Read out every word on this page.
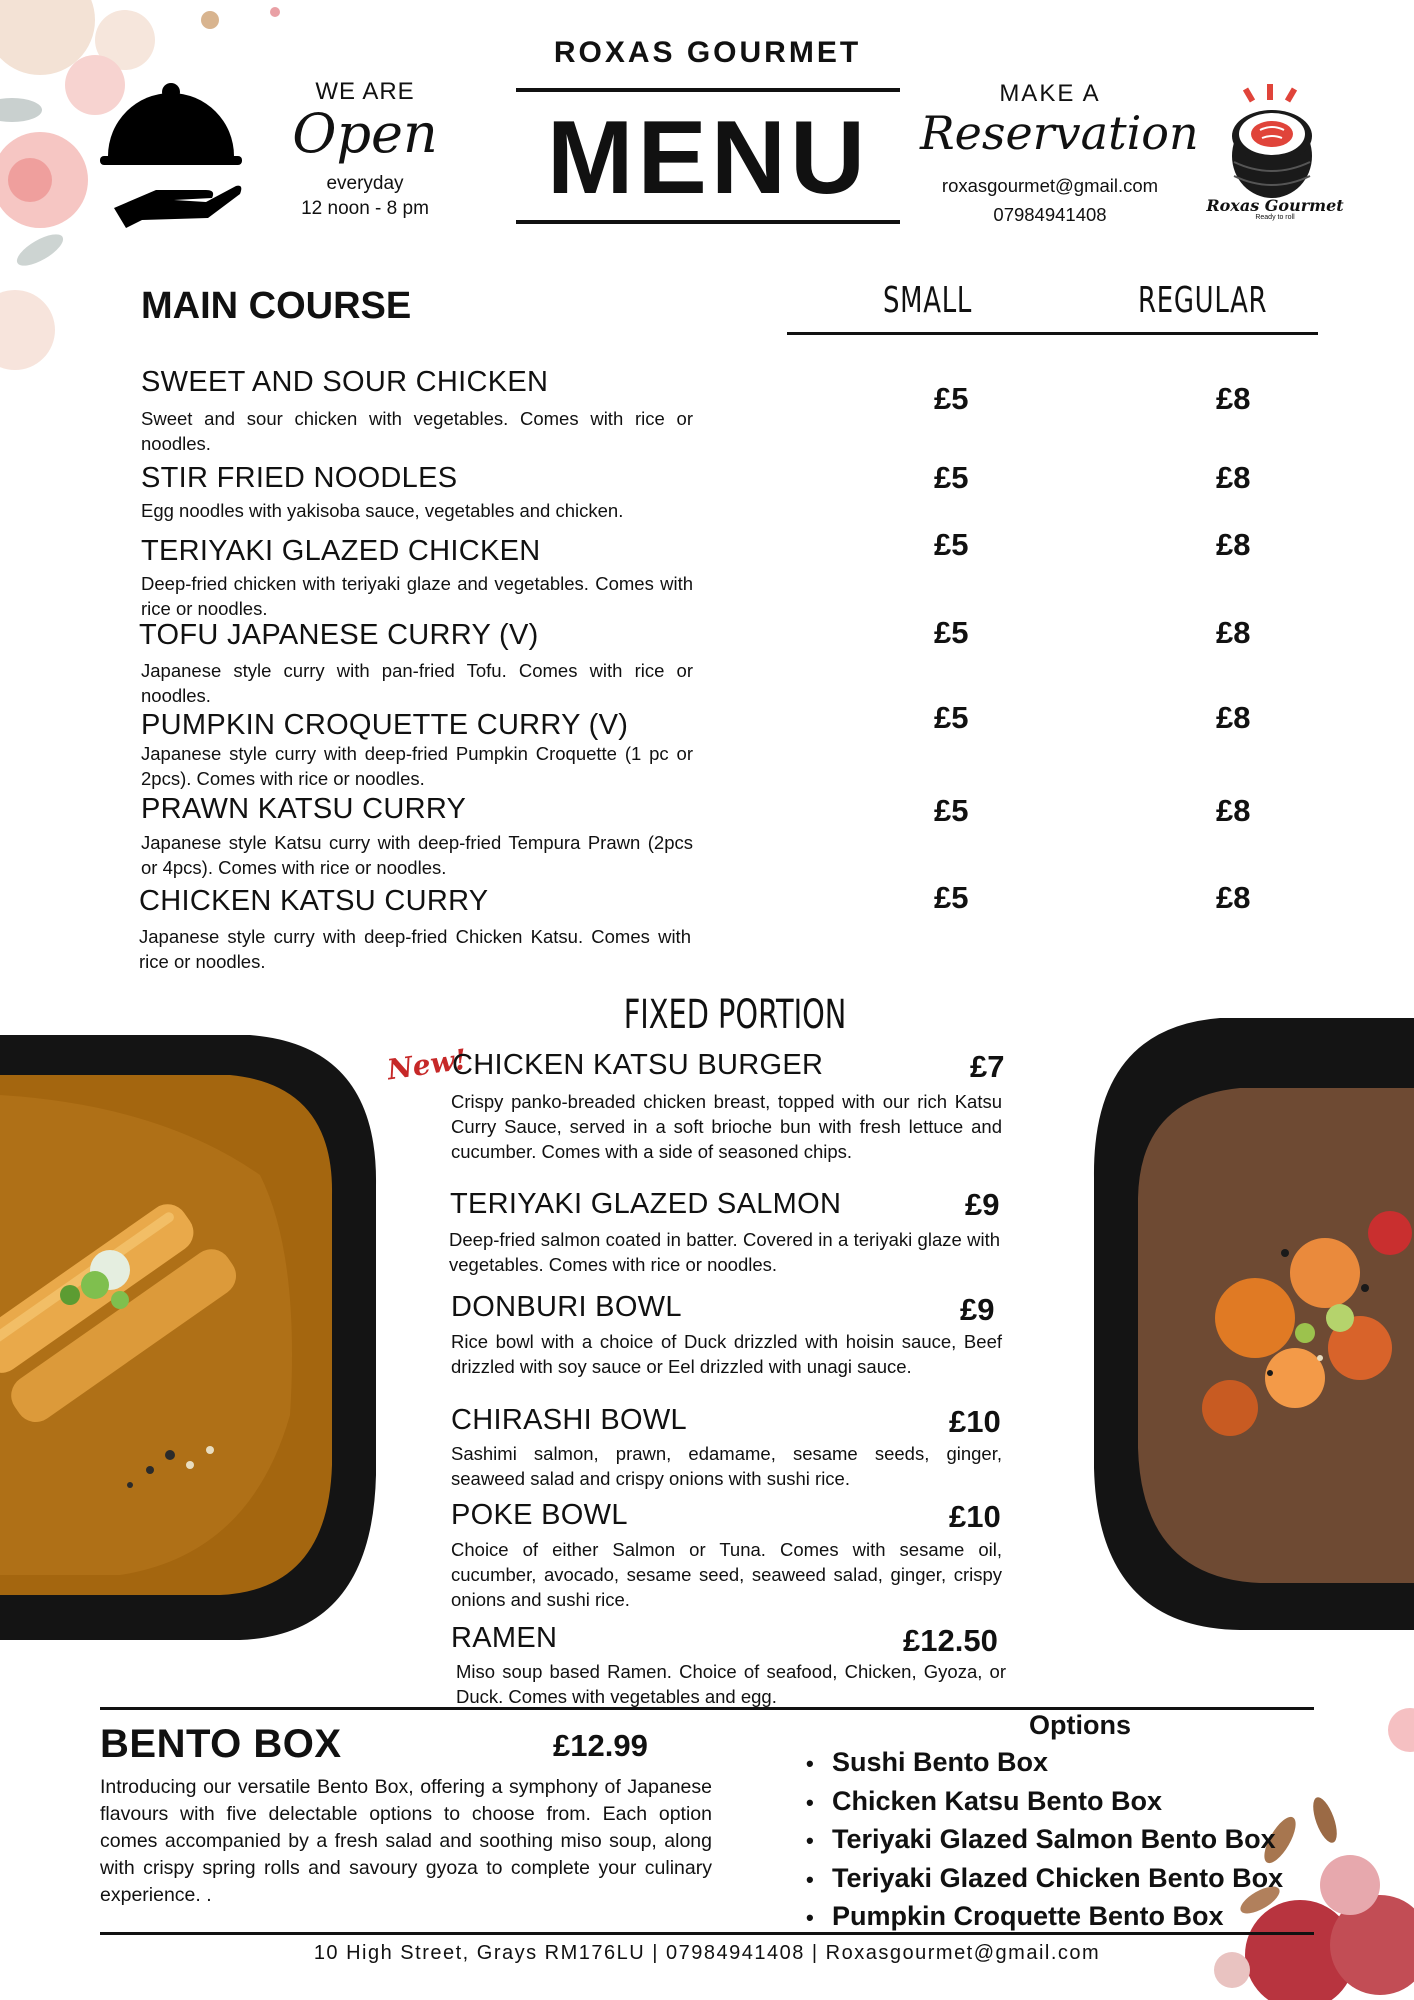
WE ARE
Open
everyday
12 noon - 8 pm
ROXAS GOURMET
MENU
MAKE A
Reservation
roxasgourmet@gmail.com
07984941408	Roxas Gourmet
Ready to roll
MAIN COURSE	SMALL	REGULAR
SWEET AND SOUR CHICKEN
Sweet and sour chicken with vegetables. Comes with rice or noodles.
£5	£8
STIR FRIED NOODLES
Egg noodles with yakisoba sauce, vegetables and chicken.
£5	£8
TERIYAKI GLAZED CHICKEN
Deep-fried chicken with teriyaki glaze and vegetables. Comes with rice or noodles.
£5	£8
TOFU JAPANESE CURRY (V)
Japanese style curry with pan-fried Tofu. Comes with rice or noodles.
£5	£8
PUMPKIN CROQUETTE CURRY (V)
Japanese style curry with deep-fried Pumpkin Croquette (1 pc or 2pcs). Comes with rice or noodles.
£5	£8
PRAWN KATSU CURRY
Japanese style Katsu curry with deep-fried Tempura Prawn (2pcs or 4pcs). Comes with rice or noodles.
£5	£8
CHICKEN KATSU CURRY
Japanese style curry with deep-fried Chicken Katsu. Comes with rice or noodles.
£5	£8
FIXED PORTION
New!
CHICKEN KATSU BURGER	£7
Crispy panko-breaded chicken breast, topped with our rich Katsu Curry Sauce, served in a soft brioche bun with fresh lettuce and cucumber. Comes with a side of seasoned chips.
TERIYAKI GLAZED SALMON	£9
Deep-fried salmon coated in batter. Covered in a teriyaki glaze with vegetables. Comes with rice or noodles.
DONBURI BOWL	£9
Rice bowl with a choice of Duck drizzled with hoisin sauce, Beef drizzled with soy sauce or Eel drizzled with unagi sauce.
CHIRASHI BOWL	£10
Sashimi salmon, prawn, edamame, sesame seeds, ginger, seaweed salad and crispy onions with sushi rice.
POKE BOWL	£10
Choice of either Salmon or Tuna. Comes with sesame oil, cucumber, avocado, sesame seed, seaweed salad, ginger, crispy onions and sushi rice.
RAMEN	£12.50
Miso soup based Ramen. Choice of seafood, Chicken, Gyoza, or Duck. Comes with vegetables and egg.
BENTO BOX	£12.99
Introducing our versatile Bento Box, offering a symphony of Japanese flavours with five delectable options to choose from. Each option comes accompanied by a fresh salad and soothing miso soup, along with crispy spring rolls and savoury gyoza to complete your culinary experience. .
Options
• Sushi Bento Box
• Chicken Katsu Bento Box
• Teriyaki Glazed Salmon Bento Box
• Teriyaki Glazed Chicken Bento Box
• Pumpkin Croquette Bento Box
10 High Street, Grays RM176LU | 07984941408 | Roxasgourmet@gmail.com
